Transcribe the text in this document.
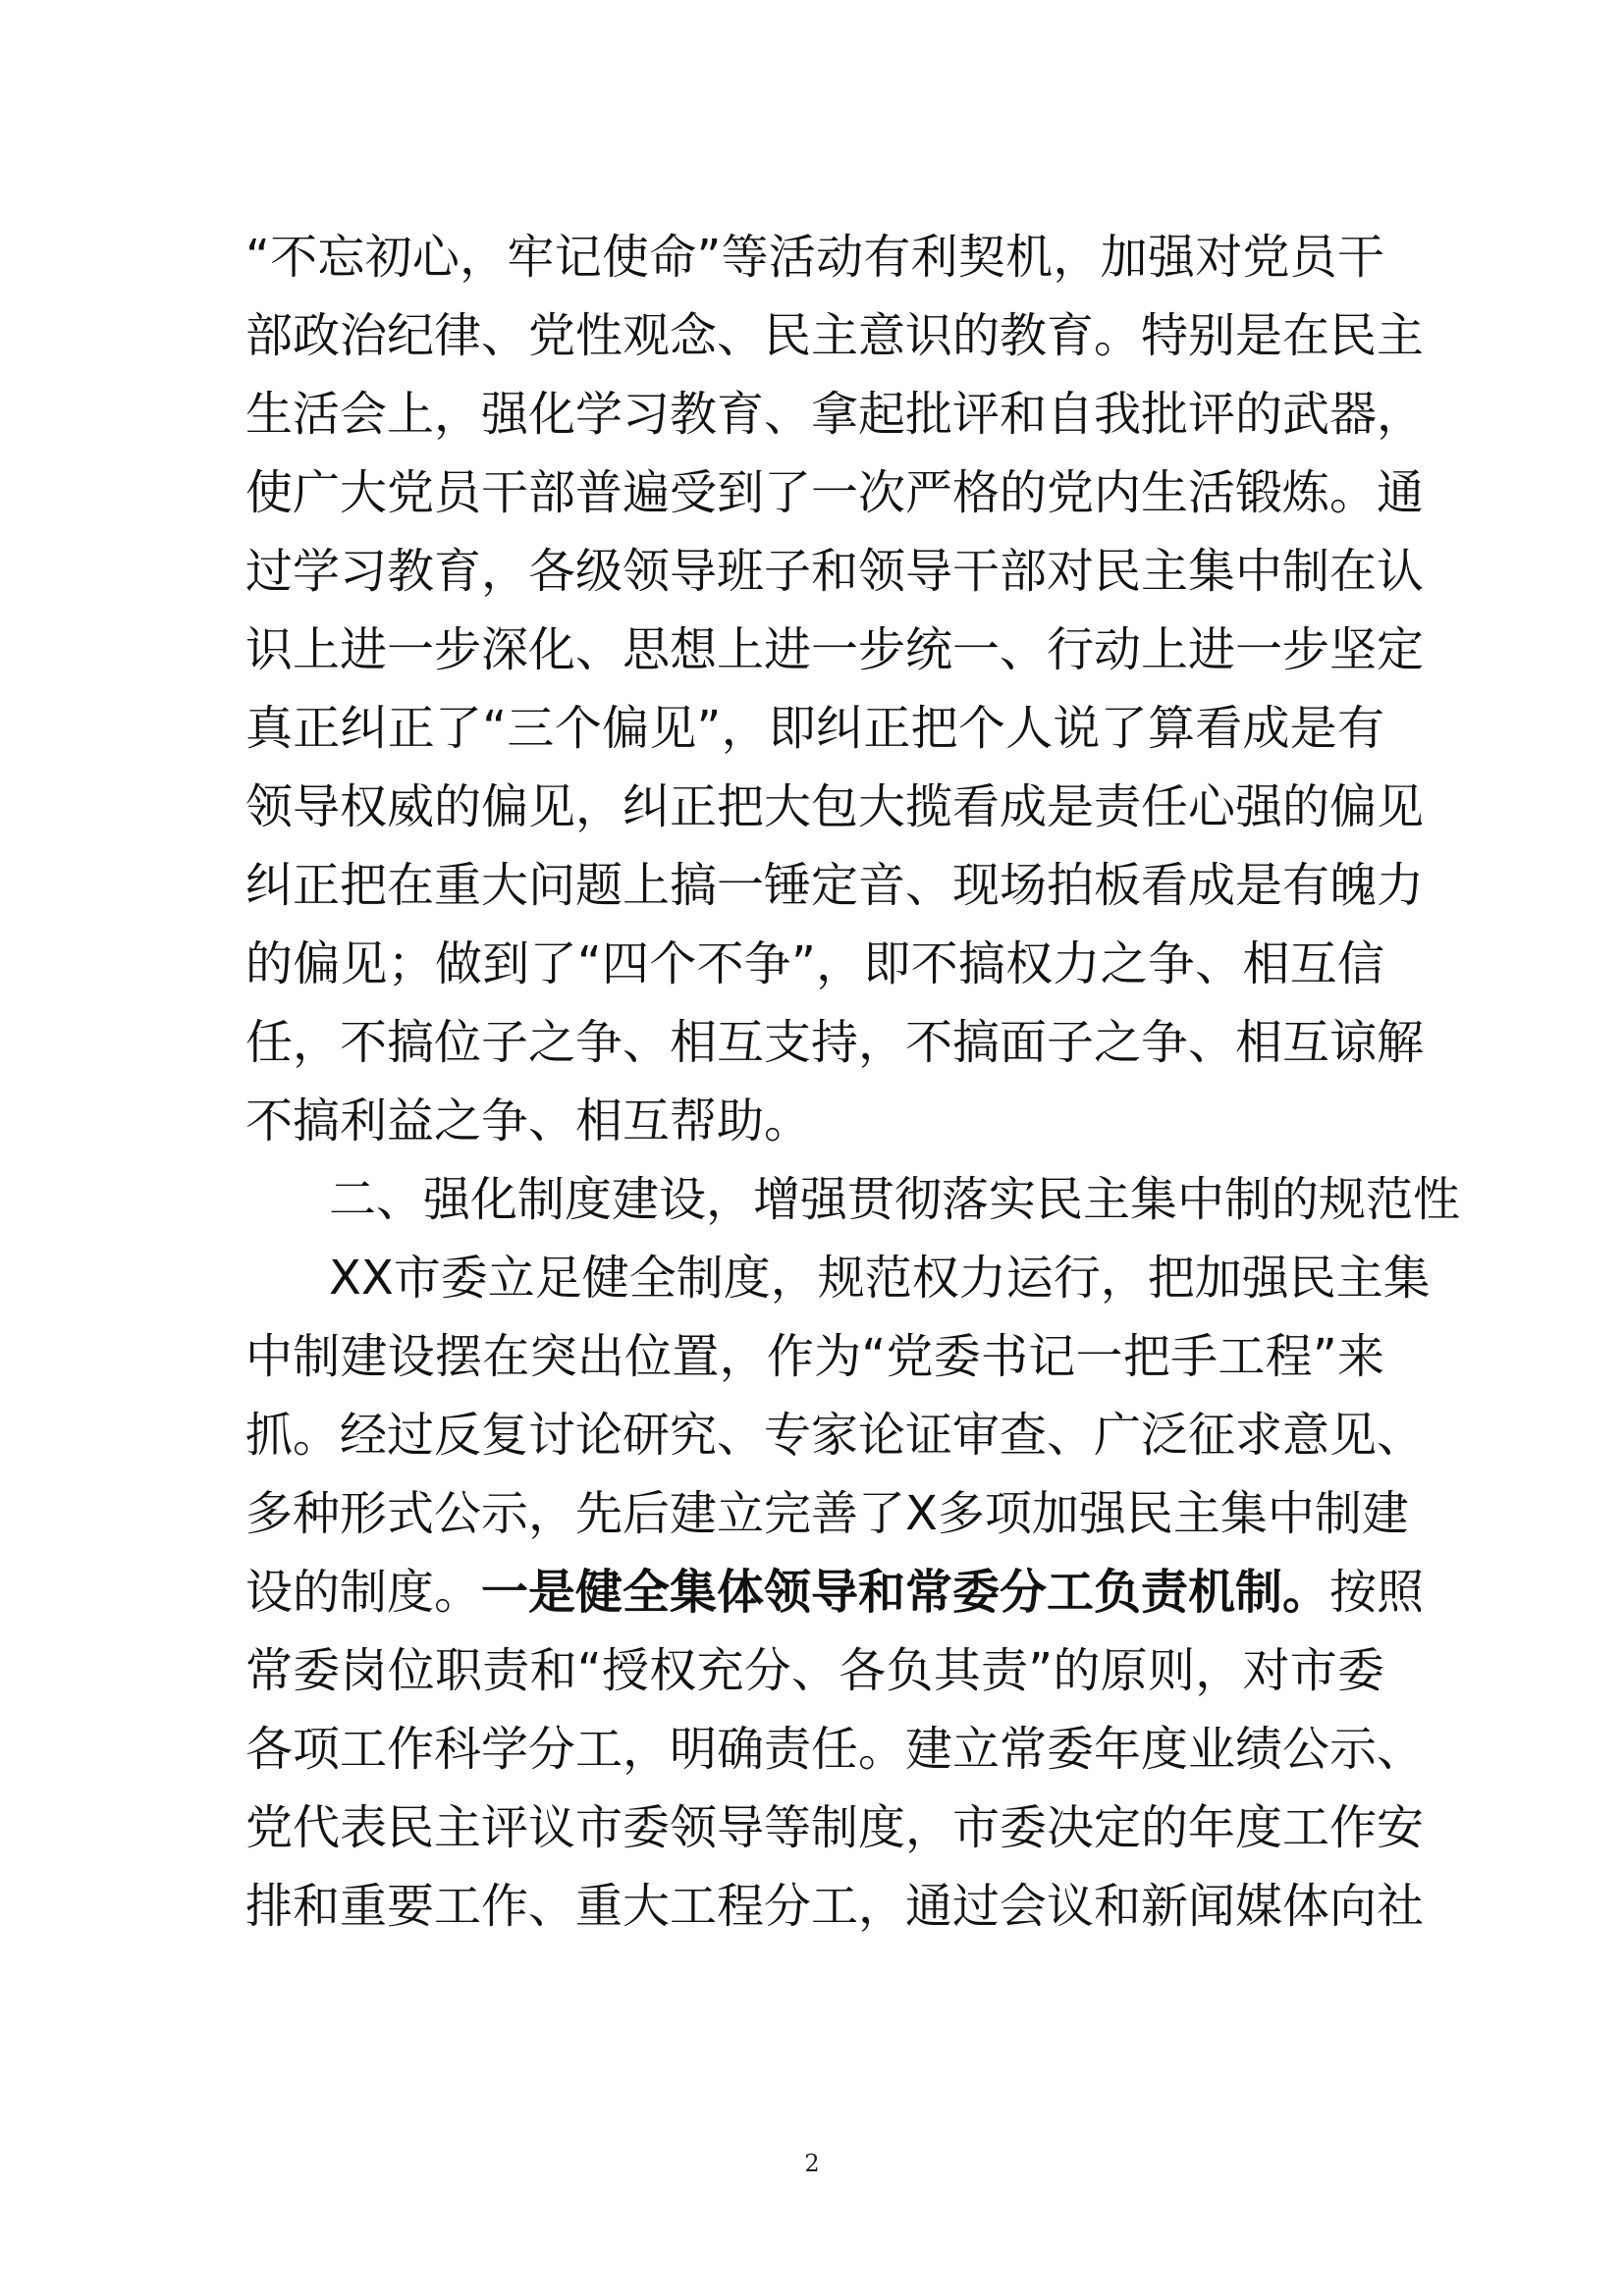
“不忘初心，牢记使命”等活动有利契机，加强对党员干
部政治纪律、党性观念、民主意识的教育。特别是在民主
生活会上，强化学习教育、拿起批评和自我批评的武器，
使广大党员干部普遍受到了一次严格的党内生活锻炼。通
过学习教育，各级领导班子和领导干部对民主集中制在认
识上进一步深化、思想上进一步统一、行动上进一步坚定
真正纠正了“三个偏见”，即纠正把个人说了算看成是有
领导权威的偏见，纠正把大包大揽看成是责任心强的偏见
纠正把在重大问题上搞一锤定音、现场拍板看成是有魄力
的偏见；做到了“四个不争”，即不搞权力之争、相互信
任，不搞位子之争、相互支持，不搞面子之争、相互谅解
不搞利益之争、相互帮助。
二、强化制度建设，增强贯彻落实民主集中制的规范性
XX市委立足健全制度，规范权力运行，把加强民主集
中制建设摆在突出位置，作为“党委书记一把手工程”来
抓。经过反复讨论研究、专家论证审查、广泛征求意见、
多种形式公示，先后建立完善了X多项加强民主集中制建
设的制度。一是健全集体领导和常委分工负责机制。按照
常委岗位职责和“授权充分、各负其责”的原则，对市委
各项工作科学分工，明确责任。建立常委年度业绩公示、
党代表民主评议市委领导等制度，市委决定的年度工作安
排和重要工作、重大工程分工，通过会议和新闻媒体向社
2
